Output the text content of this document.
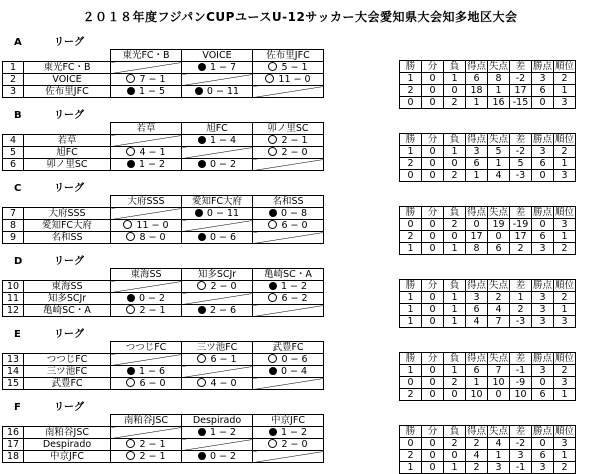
２０１８年度フジパンCUPユースU-12サッカー大会愛知県大会知多地区大会
A	リーグ
		東光FC・B	VOICE	佐布里JFC
1	東光FC・B		1 − 7	5 − 1
2	VOICE	7 − 1		11 − 0
3	佐布里JFC	1 − 5	0 − 11	
勝	分	負	得点	失点	差	勝点	順位
1	0	1	6	8	-2	3	2
2	0	0	18	1	17	6	1
0	0	2	1	16	-15	0	3
B	リーグ
		若草	旭FC	卯ノ里SC
4	若草		1 − 4	2 − 1
5	旭FC	4 − 1		2 − 0
6	卯ノ里SC	1 − 2	0 − 2	
勝	分	負	得点	失点	差	勝点	順位
1	0	1	3	5	-2	3	2
2	0	0	6	1	5	6	1
0	0	2	1	4	-3	0	3
C	リーグ
		大府SSS	愛知FC大府	名和SS
7	大府SSS		0 − 11	0 − 8
8	愛知FC大府	11 − 0		6 − 0
9	名和SS	8 − 0	0 − 6	
勝	分	負	得点	失点	差	勝点	順位
0	0	2	0	19	-19	0	3
2	0	0	17	0	17	6	1
1	0	1	8	6	2	3	2
D	リーグ
		東海SS	知多SCJr	亀崎SC・A
10	東海SS		2 − 0	1 − 2
11	知多SCJr	0 − 2		6 − 2
12	亀崎SC・A	2 − 1	2 − 6	
勝	分	負	得点	失点	差	勝点	順位
1	0	1	3	2	1	3	2
1	0	1	6	4	2	3	1
1	0	1	4	7	-3	3	3
E	リーグ
		つつじFC	三ツ池FC	武豊FC
13	つつじFC		6 − 1	0 − 6
14	三ツ池FC	1 − 6		0 − 4
15	武豊FC	6 − 0	4 − 0	
勝	分	負	得点	失点	差	勝点	順位
1	0	1	6	7	-1	3	2
0	0	2	1	10	-9	0	3
2	0	0	10	0	10	6	1
F	リーグ
		南粕谷JSC	Despirado	中京JFC
16	南粕谷JSC		1 − 2	1 − 2
17	Despirado	2 − 1		2 − 0
18	中京JFC	2 − 1	0 − 2	
勝	分	負	得点	失点	差	勝点	順位
0	0	2	2	4	-2	0	3
2	0	0	4	1	3	6	1
1	0	1	2	3	-1	3	2
